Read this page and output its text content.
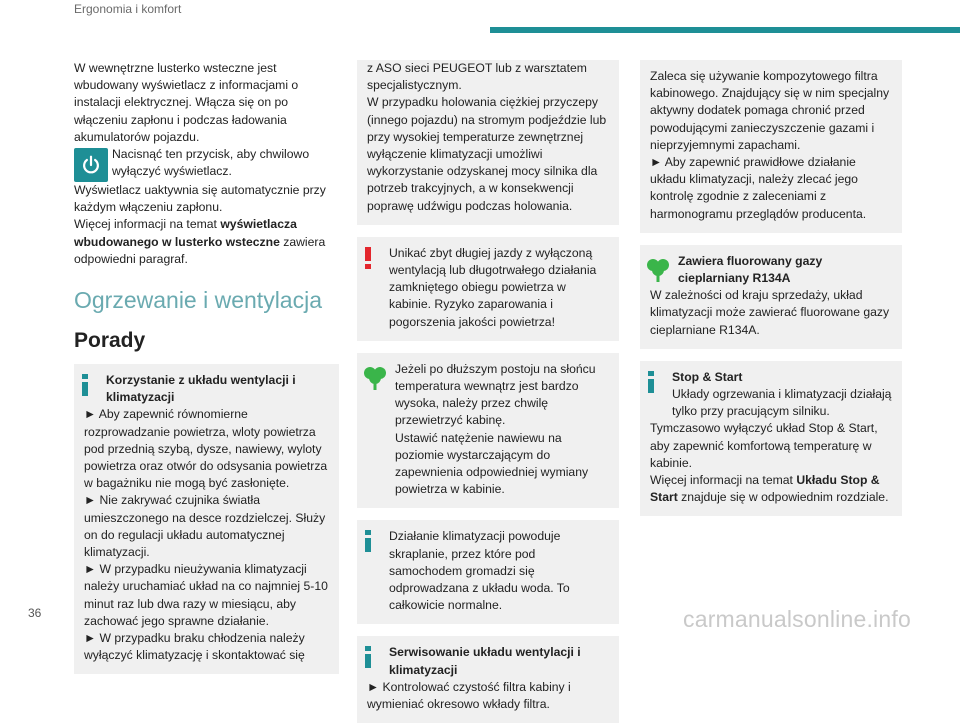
Ergonomia i komfort

W wewnętrzne lusterko wsteczne jest wbudowany wyświetlacz z informacjami o instalacji elektrycznej. Włącza się on po włączeniu zapłonu i podczas ładowania akumulatorów pojazdu.

Nacisnąć ten przycisk, aby chwilowo wyłączyć wyświetlacz.

Wyświetlacz uaktywnia się automatycznie przy każdym włączeniu zapłonu.

Więcej informacji na temat wyświetlacza wbudowanego w lusterko wsteczne zawiera odpowiedni paragraf.

Ogrzewanie i wentylacja
Porady
Korzystanie z układu wentylacji i klimatyzacji

► Aby zapewnić równomierne rozprowadzanie powietrza, wloty powietrza pod przednią szybą, dysze, nawiewy, wyloty powietrza oraz otwór do odsysania powietrza w bagażniku nie mogą być zasłonięte.
► Nie zakrywać czujnika światła umieszczonego na desce rozdzielczej. Służy on do regulacji układu automatycznej klimatyzacji.
► W przypadku nieużywania klimatyzacji należy uruchamiać układ na co najmniej 5-10 minut raz lub dwa razy w miesiącu, aby zachować jego sprawne działanie.
► W przypadku braku chłodzenia należy wyłączyć klimatyzację i skontaktować się

z ASO sieci PEUGEOT lub z warsztatem specjalistycznym.
W przypadku holowania ciężkiej przyczepy (innego pojazdu) na stromym podjeździe lub przy wysokiej temperaturze zewnętrznej wyłączenie klimatyzacji umożliwi wykorzystanie odzyskanej mocy silnika dla potrzeb trakcyjnych, a w konsekwencji poprawę udźwigu podczas holowania.

Unikać zbyt długiej jazdy z wyłączoną wentylacją lub długotrwałego działania zamkniętego obiegu powietrza w kabinie. Ryzyko zaparowania i pogorszenia jakości powietrza!

Jeżeli po dłuższym postoju na słońcu temperatura wewnątrz jest bardzo wysoka, należy przez chwilę przewietrzyć kabinę.
Ustawić natężenie nawiewu na poziomie wystarczającym do zapewnienia odpowiedniej wymiany powietrza w kabinie.

Działanie klimatyzacji powoduje skraplanie, przez które pod samochodem gromadzi się odprowadzana z układu woda. To całkowicie normalne.

Serwisowanie układu wentylacji i klimatyzacji

► Kontrolować czystość filtra kabiny i wymieniać okresowo wkłady filtra.

Zaleca się używanie kompozytowego filtra kabinowego. Znajdujący się w nim specjalny aktywny dodatek pomaga chronić przed powodującymi zanieczyszczenie gazami i nieprzyjemnymi zapachami.
► Aby zapewnić prawidłowe działanie układu klimatyzacji, należy zlecać jego kontrolę zgodnie z zaleceniami z harmonogramu przeglądów producenta.

Zawiera fluorowany gazy cieplarniany R134A

W zależności od kraju sprzedaży, układ klimatyzacji może zawierać fluorowane gazy cieplarniane R134A.

Stop & Start

Układy ogrzewania i klimatyzacji działają tylko przy pracującym silniku.

Tymczasowo wyłączyć układ Stop & Start, aby zapewnić komfortową temperaturę w kabinie.

Więcej informacji na temat Układu Stop & Start znajduje się w odpowiednim rozdziale.

36	carmanualsonline.info
